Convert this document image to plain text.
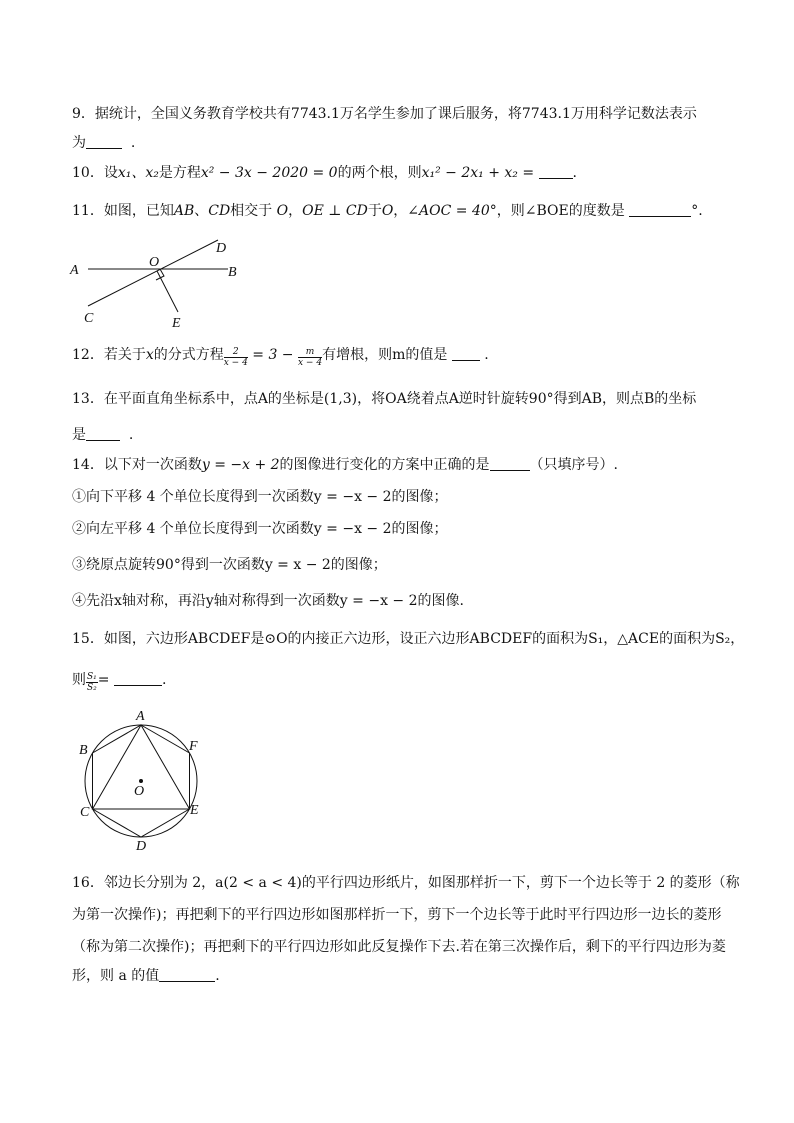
9．据统计，全国义务教育学校共有7743.1万名学生参加了课后服务，将7743.1万用科学记数法表示
为	.
10．设x₁、x₂是方程x² − 3x − 2020 = 0的两个根，则x₁² − 2x₁ + x₂ =	.
11．如图，已知AB、CD相交于 O，OE ⊥ CD于O，∠AOC = 40°，则∠BOE的度数是	°.
A	B
C
D
E
O
12．若关于x的分式方程 $\frac{2}{x - 4} = 3 - \frac{m}{x - 4}$ 有增根，则m的值是	.
13．在平面直角坐标系中，点A的坐标是(1,3)，将OA绕着点A逆时针旋转90°得到AB，则点B的坐标
是	.
14．以下对一次函数y = −x + 2的图像进行变化的方案中正确的是	（只填序号）.
①向下平移 4 个单位长度得到一次函数y = −x − 2的图像；
②向左平移 4 个单位长度得到一次函数y = −x − 2的图像；
③绕原点旋转90°得到一次函数y = x − 2的图像；
④先沿x轴对称，再沿y轴对称得到一次函数y = −x − 2的图像.
15．如图，六边形ABCDEF是⊙O的内接正六边形，设正六边形ABCDEF的面积为S₁，△ACE的面积为S₂，
则 $\frac{\text{S₁}}{\text{S₂}}$ =	.
A
B
C
D
E
F
O
16．邻边长分别为 2，a(2 < a < 4)的平行四边形纸片，如图那样折一下，剪下一个边长等于 2 的菱形（称
为第一次操作)；再把剩下的平行四边形如图那样折一下，剪下一个边长等于此时平行四边形一边长的菱形
（称为第二次操作)；再把剩下的平行四边形如此反复操作下去.若在第三次操作后，剩下的平行四边形为菱
形，则 a 的值	.
